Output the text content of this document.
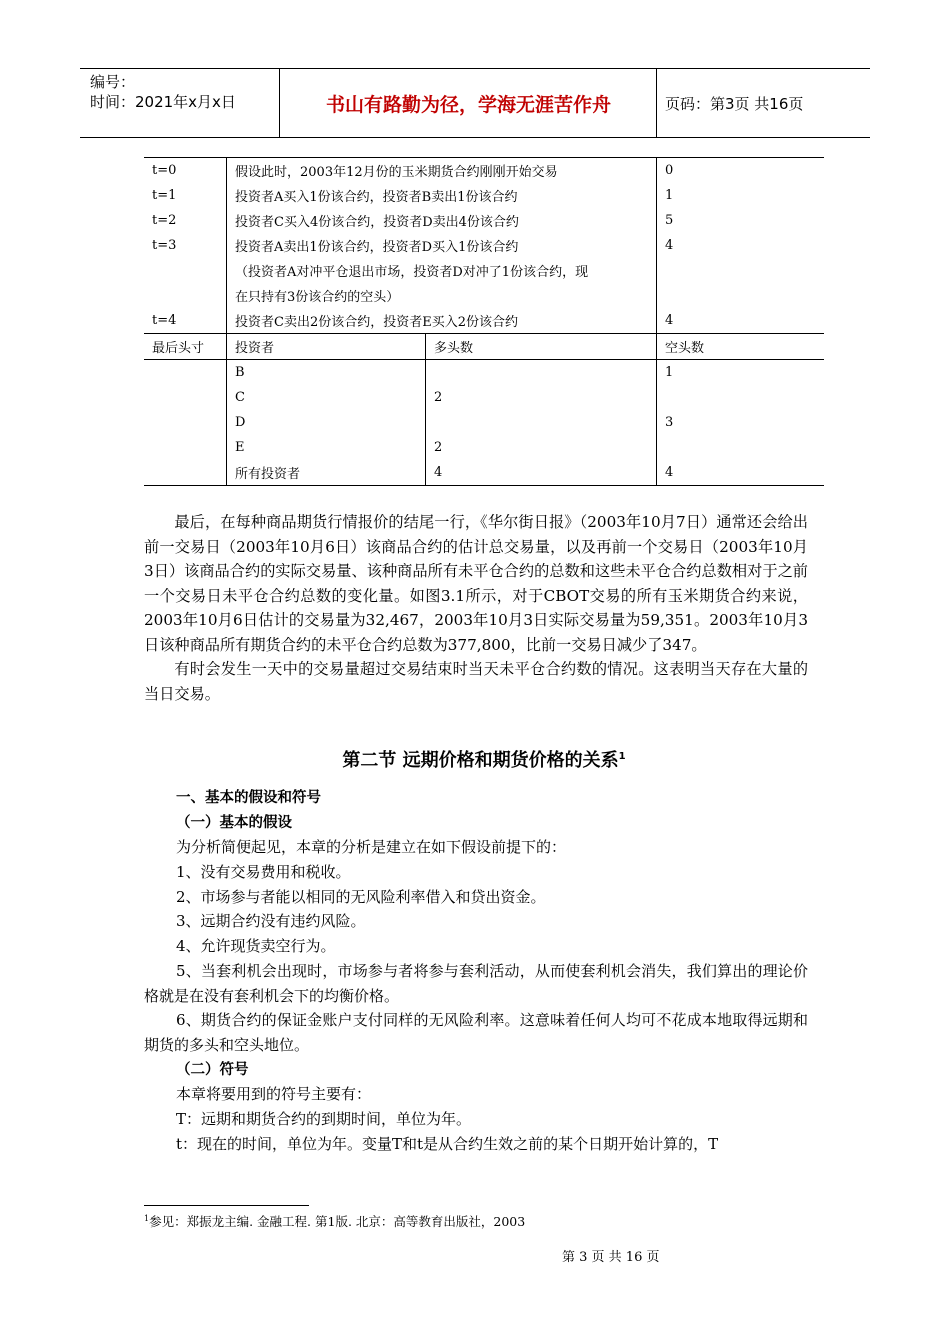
编号：
时间：2021年x月x日	书山有路勤为径，学海无涯苦作舟	页码：第3页 共16页
t=0	假设此时，2003年12月份的玉米期货合约刚刚开始交易		0
t=1	投资者A买入1份该合约，投资者B卖出1份该合约		1
t=2	投资者C买入4份该合约，投资者D卖出4份该合约		5
t=3	投资者A卖出1份该合约，投资者D买入1份该合约		4
	（投资者A对冲平仓退出市场，投资者D对冲了1份该合约，现		
	在只持有3份该合约的空头）		
t=4	投资者C卖出2份该合约，投资者E买入2份该合约		4
最后头寸	投资者	多头数	空头数
	B		1
	C	2	
	D		3
	E	2	
	所有投资者	4	4

最后，在每种商品期货行情报价的结尾一行，《华尔街日报》（2003年10月7日）通常还会给出前一交易日（2003年10月6日）该商品合约的估计总交易量，以及再前一个交易日（2003年10月3日）该商品合约的实际交易量、该种商品所有未平仓合约的总数和这些未平仓合约总数相对于之前一个交易日未平仓合约总数的变化量。如图3.1所示，对于CBOT交易的所有玉米期货合约来说，2003年10月6日估计的交易量为32,467，2003年10月3日实际交易量为59,351。2003年10月3日该种商品所有期货合约的未平仓合约总数为377,800，比前一交易日减少了347。

有时会发生一天中的交易量超过交易结束时当天未平仓合约数的情况。这表明当天存在大量的当日交易。

第二节 远期价格和期货价格的关系$^1$
一、基本的假设和符号
（一）基本的假设
为分析简便起见，本章的分析是建立在如下假设前提下的：
1、没有交易费用和税收。
2、市场参与者能以相同的无风险利率借入和贷出资金。
3、远期合约没有违约风险。
4、允许现货卖空行为。
5、当套利机会出现时，市场参与者将参与套利活动，从而使套利机会消失，我们算出的理论价格就是在没有套利机会下的均衡价格。
6、期货合约的保证金账户支付同样的无风险利率。这意味着任何人均可不花成本地取得远期和期货的多头和空头地位。
（二）符号
本章将要用到的符号主要有：
T：远期和期货合约的到期时间，单位为年。
t：现在的时间，单位为年。变量T和t是从合约生效之前的某个日期开始计算的，T
$^1$参见：郑振龙主编. 金融工程. 第1版. 北京：高等教育出版社，2003
第 3 页 共 16 页
